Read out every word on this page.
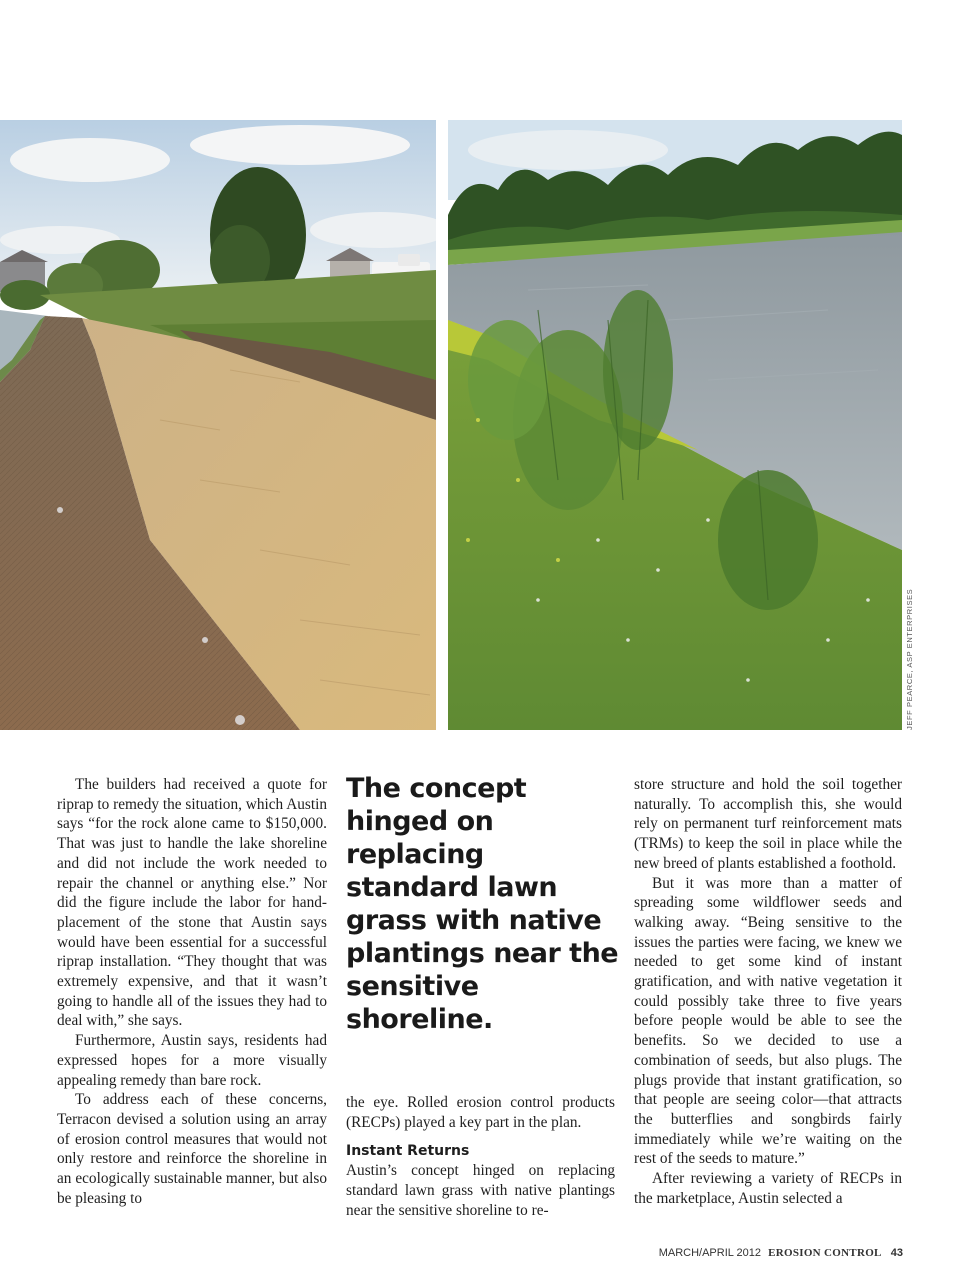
JEFF PEARCE, ASP ENTERPRISES

The builders had received a quote for riprap to remedy the situation, which Austin says “for the rock alone came to $150,000. That was just to handle the lake shoreline and did not include the work needed to repair the channel or anything else.” Nor did the figure include the labor for hand-placement of the stone that Austin says would have been essential for a successful riprap installation. “They thought that was extremely expensive, and that it wasn’t going to handle all of the issues they had to deal with,” she says.

Furthermore, Austin says, residents had expressed hopes for a more visually appealing remedy than bare rock.

To address each of these concerns, Terracon devised a solution using an array of erosion control measures that would not only restore and reinforce the shoreline in an ecologically sustainable manner, but also be pleasing to

The concept hinged on replacing standard lawn grass with native plantings near the sensitive shoreline.

the eye. Rolled erosion control products (RECPs) played a key part in the plan.

Instant Returns

Austin’s concept hinged on replacing standard lawn grass with native plantings near the sensitive shoreline to re-

store structure and hold the soil together naturally. To accomplish this, she would rely on permanent turf reinforcement mats (TRMs) to keep the soil in place while the new breed of plants established a foothold.

But it was more than a matter of spreading some wildflower seeds and walking away. “Being sensitive to the issues the parties were facing, we knew we needed to get some kind of instant gratification, and with native vegetation it could possibly take three to five years before people would be able to see the benefits. So we decided to use a combination of seeds, but also plugs. The plugs provide that instant gratification, so that people are seeing color—that attracts the butterflies and songbirds fairly immediately while we’re waiting on the rest of the seeds to mature.”

After reviewing a variety of RECPs in the marketplace, Austin selected a

MARCH/APRIL 2012 EROSION CONTROL 43
